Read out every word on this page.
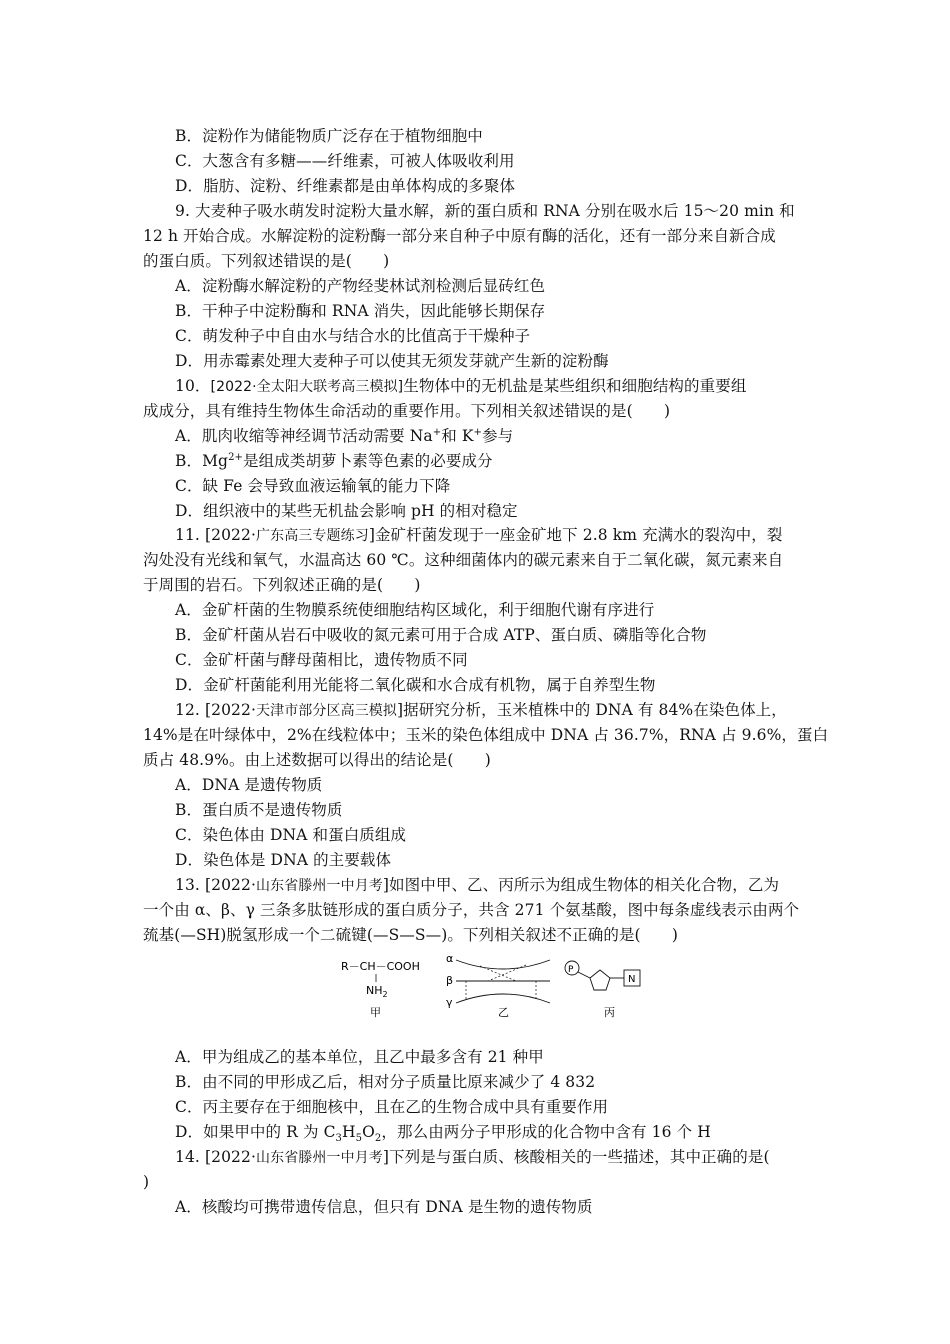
B．淀粉作为储能物质广泛存在于植物细胞中
C．大葱含有多糖——纤维素，可被人体吸收利用
D．脂肪、淀粉、纤维素都是由单体构成的多聚体
9. 大麦种子吸水萌发时淀粉大量水解，新的蛋白质和 RNA 分别在吸水后 15～20 min 和
12 h 开始合成。水解淀粉的淀粉酶一部分来自种子中原有酶的活化，还有一部分来自新合成
的蛋白质。下列叙述错误的是(　　)
A．淀粉酶水解淀粉的产物经斐林试剂检测后显砖红色
B．干种子中淀粉酶和 RNA 消失，因此能够长期保存
C．萌发种子中自由水与结合水的比值高于干燥种子
D．用赤霉素处理大麦种子可以使其无须发芽就产生新的淀粉酶
10．[2022·全太阳大联考高三模拟]生物体中的无机盐是某些组织和细胞结构的重要组
成成分，具有维持生物体生命活动的重要作用。下列相关叙述错误的是(　　)
A．肌肉收缩等神经调节活动需要 Na+和 K+参与
B．$Mg^{2+}$是组成类胡萝卜素等色素的必要成分
C．缺 Fe 会导致血液运输氧的能力下降
D．组织液中的某些无机盐会影响 pH 的相对稳定
11. [2022·广东高三专题练习]金矿杆菌发现于一座金矿地下 2.8 km 充满水的裂沟中，裂
沟处没有光线和氧气，水温高达 60 ℃。这种细菌体内的碳元素来自于二氧化碳，氮元素来自
于周围的岩石。下列叙述正确的是(　　)
A．金矿杆菌的生物膜系统使细胞结构区域化，利于细胞代谢有序进行
B．金矿杆菌从岩石中吸收的氮元素可用于合成 ATP、蛋白质、磷脂等化合物
C．金矿杆菌与酵母菌相比，遗传物质不同
D．金矿杆菌能利用光能将二氧化碳和水合成有机物，属于自养型生物
12. [2022·天津市部分区高三模拟]据研究分析，玉米植株中的 DNA 有 84%在染色体上，
14%是在叶绿体中，2%在线粒体中；玉米的染色体组成中 DNA 占 36.7%，RNA 占 9.6%，蛋白
质占 48.9%。由上述数据可以得出的结论是(　　)
A．DNA 是遗传物质
B．蛋白质不是遗传物质
C．染色体由 DNA 和蛋白质组成
D．染色体是 DNA 的主要载体
13. [2022·山东省滕州一中月考]如图中甲、乙、丙所示为组成生物体的相关化合物，乙为
一个由 α、β、γ 三条多肽链形成的蛋白质分子，共含 271 个氨基酸，图中每条虚线表示由两个
巯基(—SH)脱氢形成一个二硫键(—S—S—)。下列相关叙述不正确的是(　　)
R－CH－COOH
$NH_2$
甲
α
β
γ
乙
P
N
丙
A．甲为组成乙的基本单位，且乙中最多含有 21 种甲
B．由不同的甲形成乙后，相对分子质量比原来减少了 4 832
C．丙主要存在于细胞核中，且在乙的生物合成中具有重要作用
D．如果甲中的 R 为 $C_3H_5O_2$，那么由两分子甲形成的化合物中含有 16 个 H
14. [2022·山东省滕州一中月考]下列是与蛋白质、核酸相关的一些描述，其中正确的是(
)
A．核酸均可携带遗传信息，但只有 DNA 是生物的遗传物质
